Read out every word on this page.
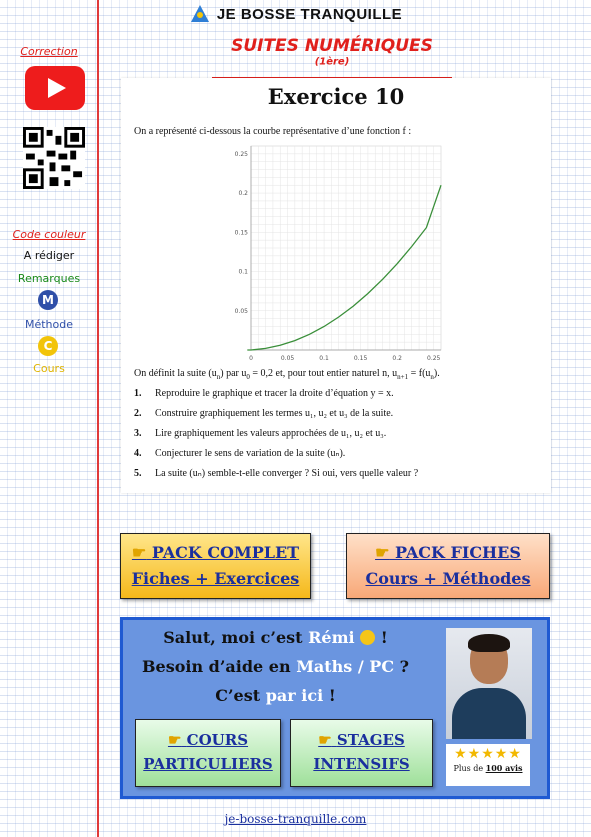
JE BOSSE TRANQUILLE
SUITES NUMÉRIQUES $^{(1ère)}$
Correction
Code couleur
A rédiger
Remarques
M
Méthode
C
Cours
Exercice 10
On a représenté ci-dessous la courbe représentative d’une fonction f :
0	0.05	0.1	0.15	0.2	0.25
0.05
0.1
0.15
0.2
0.25
On définit la suite $(u_n)$ par $u_0 = 0,2$ et, pour tout entier naturel n, $u_{n+1} = f(u_n)$.
1.	Reproduire le graphique et tracer la droite d’équation y = x.
2.	Construire graphiquement les termes u₁, u₂ et u₃ de la suite.
3.	Lire graphiquement les valeurs approchées de u₁, u₂ et u₃.
4.	Conjecturer le sens de variation de la suite (uₙ).
5.	La suite (uₙ) semble-t-elle converger ? Si oui, vers quelle valeur ?
☛ PACK COMPLET
Fiches + Exercices
☛ PACK FICHES
Cours + Méthodes
Salut, moi c’est Rémi  !
Besoin d’aide en Maths / PC ?
C’est par ici !
☛ COURS
PARTICULIERS
☛ STAGES
INTENSIFS
★★★★★
Plus de 100 avis
je-bosse-tranquille.com
